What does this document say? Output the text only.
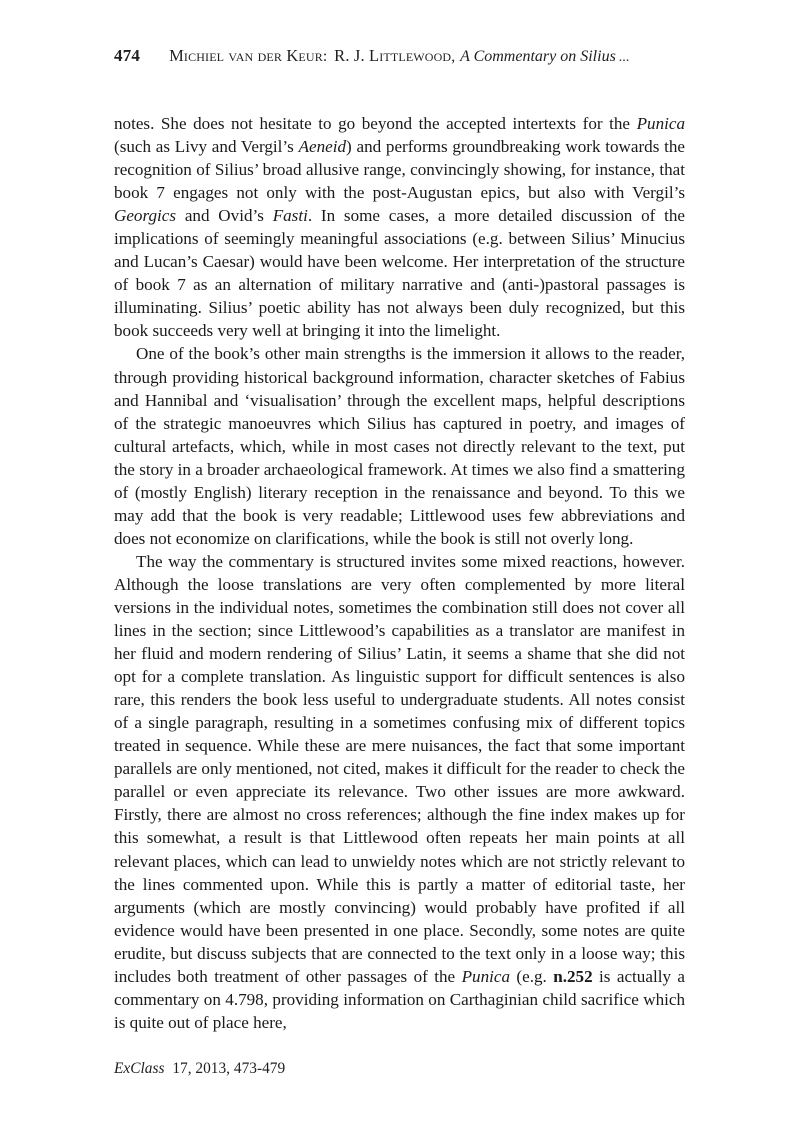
474 Michiel van der Keur : R. J. Littlewood , A Commentary on Silius ...

notes. She does not hesitate to go beyond the accepted intertexts for the Punica (such as Livy and Vergil’s Aeneid) and performs groundbreaking work towards the recognition of Silius’ broad allusive range, convincingly showing, for instance, that book 7 engages not only with the post-Augustan epics, but also with Vergil’s Georgics and Ovid’s Fasti. In some cases, a more detailed discussion of the implications of seemingly meaningful associations (e.g. between Silius’ Minucius and Lucan’s Caesar) would have been welcome. Her interpretation of the structure of book 7 as an alternation of military narrative and (anti-)pastoral passages is illuminating. Silius’ poetic ability has not always been duly recognized, but this book succeeds very well at bringing it into the limelight.

One of the book’s other main strengths is the immersion it allows to the reader, through providing historical background information, character sketches of Fabius and Hannibal and ‘visualisation’ through the excellent maps, helpful descriptions of the strategic manoeuvres which Silius has captured in poetry, and images of cultural artefacts, which, while in most cases not directly relevant to the text, put the story in a broader archaeological framework. At times we also find a smattering of (mostly English) literary reception in the renaissance and beyond. To this we may add that the book is very readable; Littlewood uses few abbreviations and does not economize on clarifications, while the book is still not overly long.

The way the commentary is structured invites some mixed reactions, however. Although the loose translations are very often complemented by more literal versions in the individual notes, sometimes the combination still does not cover all lines in the section; since Littlewood’s capabilities as a translator are manifest in her fluid and modern rendering of Silius’ Latin, it seems a shame that she did not opt for a complete translation. As linguistic support for difficult sentences is also rare, this renders the book less useful to undergraduate students. All notes consist of a single paragraph, resulting in a sometimes confusing mix of different topics treated in sequence. While these are mere nuisances, the fact that some important parallels are only mentioned, not cited, makes it difficult for the reader to check the parallel or even appreciate its relevance. Two other issues are more awkward. Firstly, there are almost no cross references; although the fine index makes up for this somewhat, a result is that Littlewood often repeats her main points at all relevant places, which can lead to unwieldy notes which are not strictly relevant to the lines commented upon. While this is partly a matter of editorial taste, her arguments (which are mostly convincing) would probably have profited if all evidence would have been presented in one place. Secondly, some notes are quite erudite, but discuss subjects that are connected to the text only in a loose way; this includes both treatment of other passages of the Punica (e.g. n.252 is actually a commentary on 4.798, providing information on Carthaginian child sacrifice which is quite out of place here,

ExClass 17, 2013, 473-479
